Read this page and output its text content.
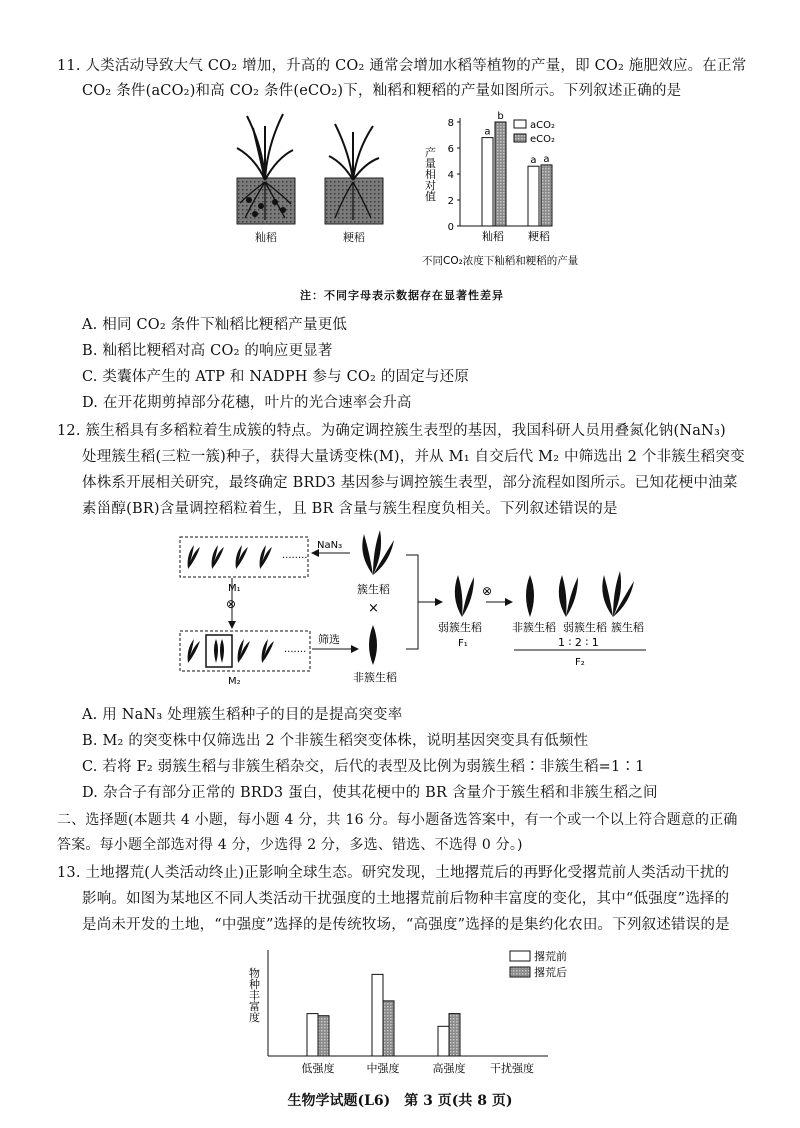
11. 人类活动导致大气 CO₂ 增加，升高的 CO₂ 通常会增加水稻等植物的产量，即 CO₂ 施肥效应。在正常
CO₂ 条件(aCO₂)和高 CO₂ 条件(eCO₂)下，籼稻和粳稻的产量如图所示。下列叙述正确的是
籼稻	粳稻
0
2
4
6
8
产量相对值
a
b
籼稻
a a
粳稻
aCO₂
eCO₂
不同CO₂浓度下籼稻和粳稻的产量
注：不同字母表示数据存在显著性差异
A. 相同 CO₂ 条件下籼稻比粳稻产量更低
B. 籼稻比粳稻对高 CO₂ 的响应更显著
C. 类囊体产生的 ATP 和 NADPH 参与 CO₂ 的固定与还原
D. 在开花期剪掉部分花穗，叶片的光合速率会升高
12. 簇生稻具有多稻粒着生成簇的特点。为确定调控簇生表型的基因，我国科研人员用叠氮化钠(NaN₃)
处理簇生稻(三粒一簇)种子，获得大量诱变株(M)，并从 M₁ 自交后代 M₂ 中筛选出 2 个非簇生稻突变
体株系开展相关研究，最终确定 BRD3 基因参与调控簇生表型，部分流程如图所示。已知花梗中油菜
素甾醇(BR)含量调控稻粒着生，且 BR 含量与簇生程度负相关。下列叙述错误的是
········
NaN₃
簇生稻
×
M₁
⊗
·······
M₂
筛选
非簇生稻
弱簇生稻
F₁
⊗
非簇生稻 弱簇生稻 簇生稻
1 ∶ 2 ∶ 1
F₂
A. 用 NaN₃ 处理簇生稻种子的目的是提高突变率
B. M₂ 的突变株中仅筛选出 2 个非簇生稻突变体株，说明基因突变具有低频性
C. 若将 F₂ 弱簇生稻与非簇生稻杂交，后代的表型及比例为弱簇生稻∶非簇生稻=1∶1
D. 杂合子有部分正常的 BRD3 蛋白，使其花梗中的 BR 含量介于簇生稻和非簇生稻之间
二、选择题(本题共 4 小题，每小题 4 分，共 16 分。每小题备选答案中，有一个或一个以上符合题意的正确
答案。每小题全部选对得 4 分，少选得 2 分，多选、错选、不选得 0 分。)
13. 土地撂荒(人类活动终止)正影响全球生态。研究发现，土地撂荒后的再野化受撂荒前人类活动干扰的
影响。如图为某地区不同人类活动干扰强度的土地撂荒前后物种丰富度的变化，其中“低强度”选择的
是尚未开发的土地，“中强度”选择的是传统牧场，“高强度”选择的是集约化农田。下列叙述错误的是
物种丰富度
低强度	中强度	高强度 干扰强度
撂荒前
撂荒后
生物学试题(L6)　第 3 页(共 8 页)
